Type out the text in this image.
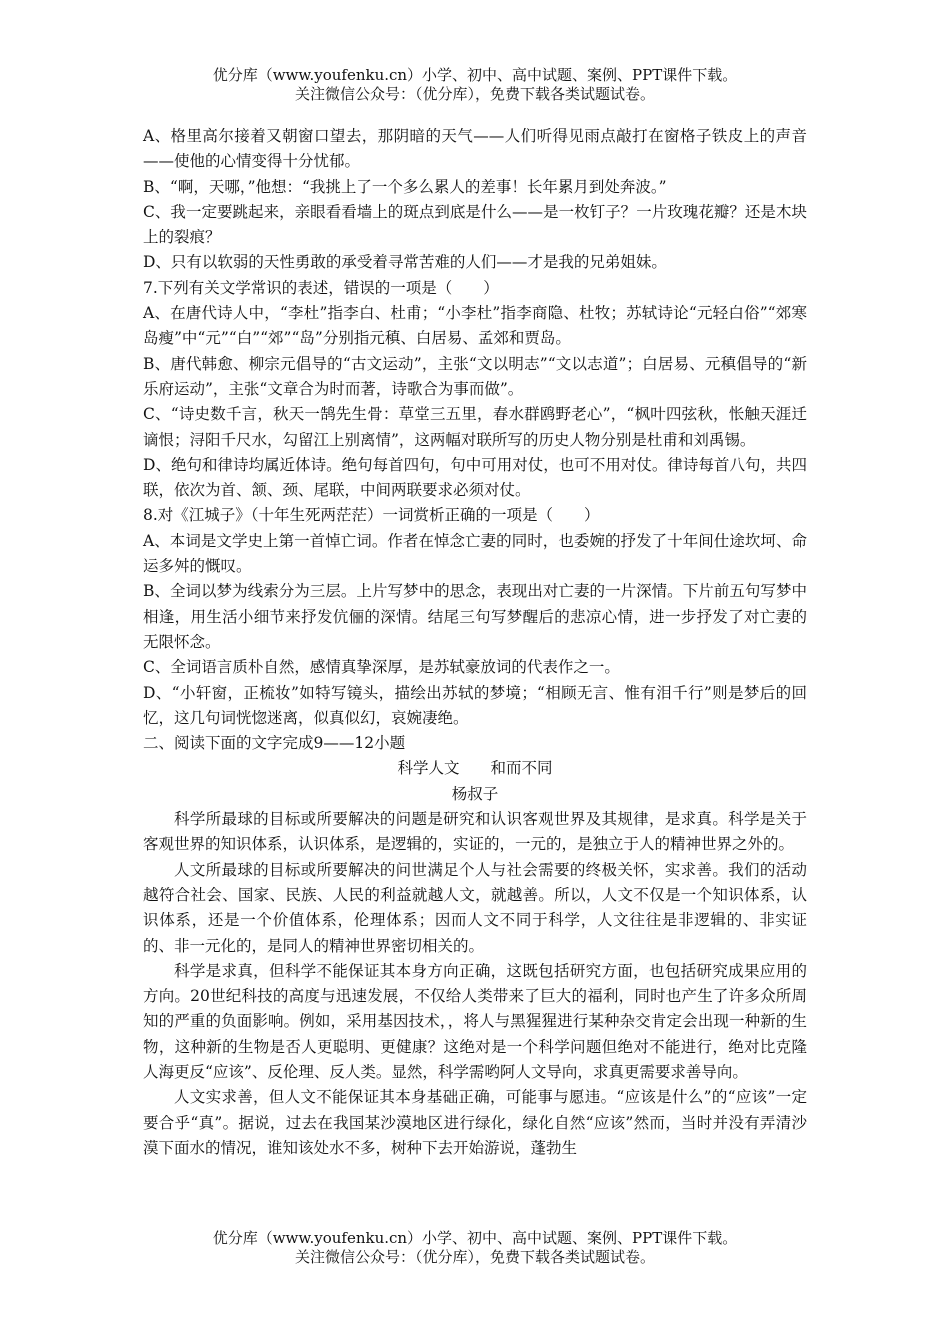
优分库（www.youfenku.cn）小学、初中、高中试题、案例、PPT课件下载。
关注微信公众号：（优分库），免费下载各类试题试卷。

A、格里高尔接着又朝窗口望去，那阴暗的天气——人们听得见雨点敲打在窗格子铁皮上的声音——使他的心情变得十分忧郁。

B、“啊，天哪，”他想：“我挑上了一个多么累人的差事！长年累月到处奔波。”

C、我一定要跳起来，亲眼看看墙上的斑点到底是什么——是一枚钉子？一片玫瑰花瓣？还是木块上的裂痕？

D、只有以软弱的天性勇敢的承受着寻常苦难的人们——才是我的兄弟姐妹。

7.下列有关文学常识的表述，错误的一项是（　　）

A、在唐代诗人中，“李杜”指李白、杜甫；“小李杜”指李商隐、杜牧；苏轼诗论“元轻白俗”“郊寒岛瘦”中“元”“白”“郊”“岛”分别指元稹、白居易、孟郊和贾岛。

B、唐代韩愈、柳宗元倡导的“古文运动”，主张“文以明志”“文以志道”；白居易、元稹倡导的“新乐府运动”，主张“文章合为时而著，诗歌合为事而做”。

C、“诗史数千言，秋天一鹄先生骨：草堂三五里，春水群鸥野老心”，“枫叶四弦秋，怅触天涯迁谪恨；浔阳千尺水，勾留江上别离情”，这两幅对联所写的历史人物分别是杜甫和刘禹锡。

D、绝句和律诗均属近体诗。绝句每首四句，句中可用对仗，也可不用对仗。律诗每首八句，共四联，依次为首、颔、颈、尾联，中间两联要求必须对仗。

8.对《江城子》（十年生死两茫茫）一词赏析正确的一项是（　　）

A、本词是文学史上第一首悼亡词。作者在悼念亡妻的同时，也委婉的抒发了十年间仕途坎坷、命运多舛的慨叹。

B、全词以梦为线索分为三层。上片写梦中的思念，表现出对亡妻的一片深情。下片前五句写梦中相逢，用生活小细节来抒发伉俪的深情。结尾三句写梦醒后的悲凉心情，进一步抒发了对亡妻的无限怀念。

C、全词语言质朴自然，感情真挚深厚，是苏轼豪放词的代表作之一。

D、“小轩窗，正梳妆”如特写镜头，描绘出苏轼的梦境；“相顾无言、惟有泪千行”则是梦后的回忆，这几句词恍惚迷离，似真似幻，哀婉凄绝。

二、阅读下面的文字完成9——12小题

科学人文　　和而不同

杨叔子

科学所最球的目标或所要解决的问题是研究和认识客观世界及其规律，是求真。科学是关于客观世界的知识体系，认识体系，是逻辑的，实证的，一元的，是独立于人的精神世界之外的。

人文所最球的目标或所要解决的问世满足个人与社会需要的终极关怀，实求善。我们的活动越符合社会、国家、民族、人民的利益就越人文，就越善。所以，人文不仅是一个知识体系，认识体系，还是一个价值体系，伦理体系；因而人文不同于科学，人文往往是非逻辑的、非实证的、非一元化的，是同人的精神世界密切相关的。

科学是求真，但科学不能保证其本身方向正确，这既包括研究方面，也包括研究成果应用的方向。20世纪科技的高度与迅速发展，不仅给人类带来了巨大的福利，同时也产生了许多众所周知的严重的负面影响。例如，采用基因技术，，将人与黑猩猩进行某种杂交肯定会出现一种新的生物，这种新的生物是否人更聪明、更健康？这绝对是一个科学问题但绝对不能进行，绝对比克隆人海更反“应该”、反伦理、反人类。显然，科学需哟阿人文导向，求真更需要求善导向。

人文实求善，但人文不能保证其本身基础正确，可能事与愿违。“应该是什么”的“应该”一定要合乎“真”。据说，过去在我国某沙漠地区进行绿化，绿化自然“应该”然而，当时并没有弄清沙漠下面水的情况，谁知该处水不多，树种下去开始游说，蓬勃生

优分库（www.youfenku.cn）小学、初中、高中试题、案例、PPT课件下载。
关注微信公众号：（优分库），免费下载各类试题试卷。
